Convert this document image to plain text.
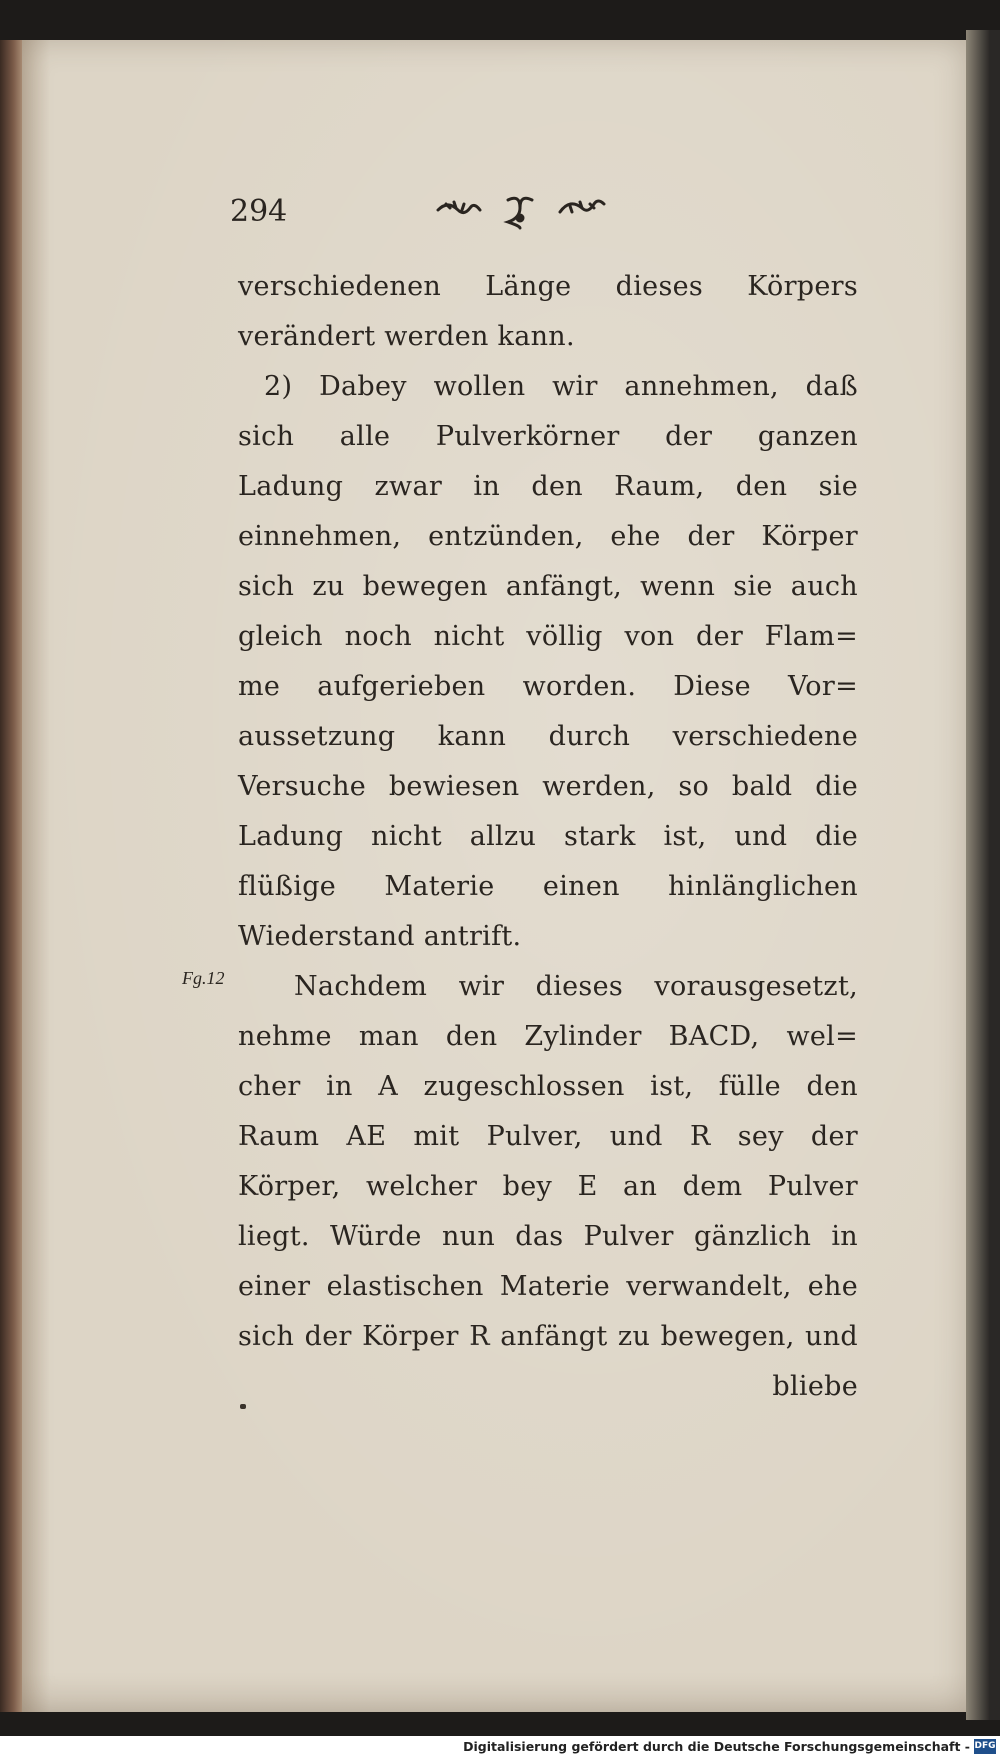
294
Fg.12
verschiedenen Länge dieses Körpers
verändert werden kann.
2) Dabey wollen wir annehmen, daß
sich alle Pulverkörner der ganzen
Ladung zwar in den Raum, den sie
einnehmen, entzünden, ehe der Körper
sich zu bewegen anfängt, wenn sie auch
gleich noch nicht völlig von der Flam=
me aufgerieben worden. Diese Vor=
aussetzung kann durch verschiedene
Versuche bewiesen werden, so bald die
Ladung nicht allzu stark ist, und die
flüßige Materie einen hinlänglichen
Wiederstand antrift.
Nachdem wir dieses vorausgesetzt,
nehme man den Zylinder BACD, wel=
cher in A zugeschlossen ist, fülle den
Raum AE mit Pulver, und R sey der
Körper, welcher bey E an dem Pulver
liegt. Würde nun das Pulver gänzlich in
einer elastischen Materie verwandelt, ehe
sich der Körper R anfängt zu bewegen, und
bliebe
Digitalisierung gefördert durch die Deutsche Forschungsgemeinschaft - DFG
